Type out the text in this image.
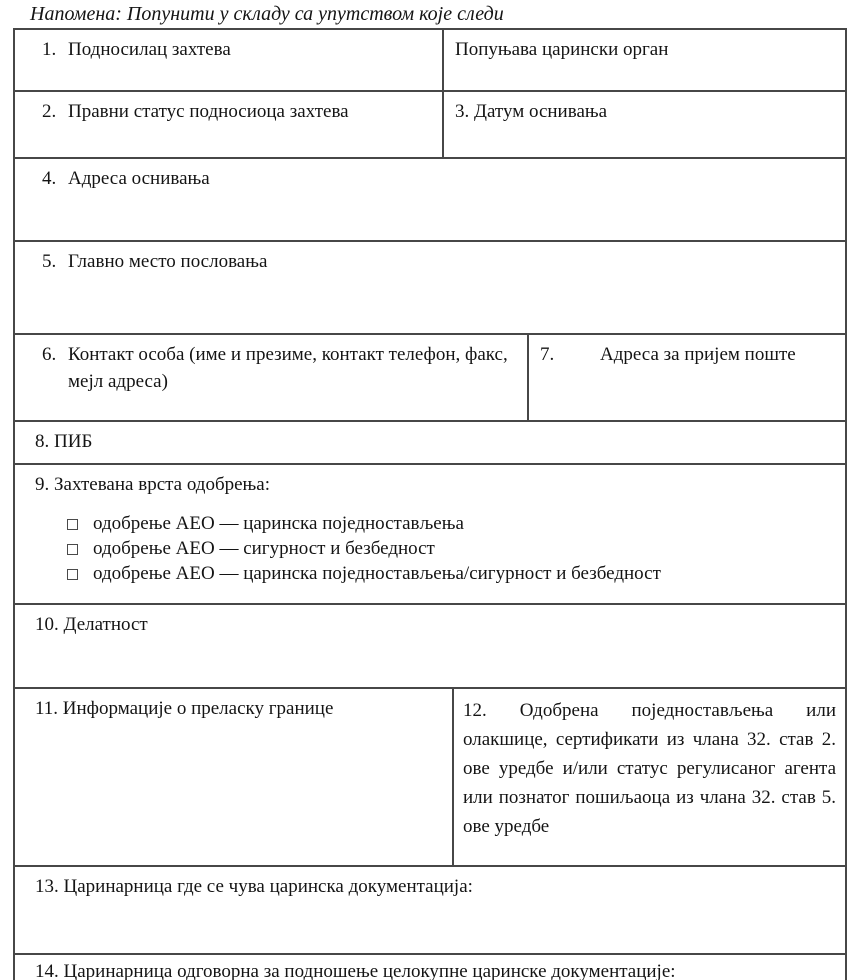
Напомена: Попунити у складу са упутством које следи
1. Подносилац захтева	Попуњава царински орган
2. Правни статус подносиоца захтева	3. Датум оснивања
4. Адреса оснивања
5. Главно место пословања
6. Контакт особа (име и презиме, контакт телефон, факс, мејл адреса)
7. Адреса за пријем поште
8. ПИБ
9. Захтевана врста одобрења:
одобрење АЕО — царинска поједностављења
одобрење АЕО — сигурност и безбедност
одобрење АЕО — царинска поједностављења/сигурност и безбедност
10. Делатност
11. Информације о преласку границе	12. Одобрена поједностављења или
олакшице, сертификати из члана 32. став 2.
ове уредбе и/или статус регулисаног агента
или познатог пошиљаоца из члана 32. став 5.
ове уредбе
13. Царинарница где се чува царинска документација:
14. Царинарница одговорна за подношење целокупне царинске документације:
